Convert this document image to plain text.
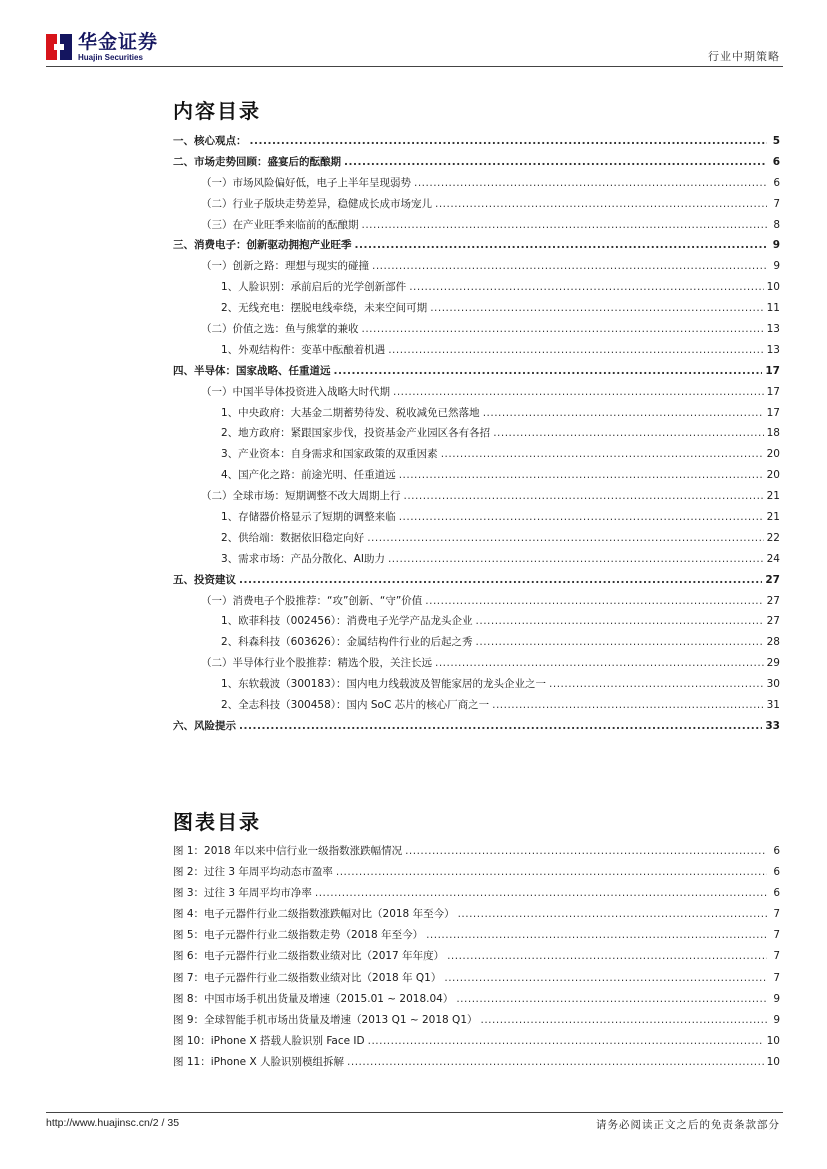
华金证券
Huajin Securities	行业中期策略
内容目录
一、核心观点： .....	5
二、市场走势回顾：盛宴后的酝酿期 .....	6
（一）市场风险偏好低，电子上半年呈现弱势 .....	6
（二）行业子版块走势差异，稳健成长成市场宠儿 .....	7
（三）在产业旺季来临前的酝酿期 .....	8
三、消费电子：创新驱动拥抱产业旺季 .....	9
（一）创新之路：理想与现实的碰撞 .....	9
1、人脸识别：承前启后的光学创新部件 .....	10
2、无线充电：摆脱电线牵绕，未来空间可期 .....	11
（二）价值之选：鱼与熊掌的兼收 .....	13
1、外观结构件：变革中酝酿着机遇 .....	13
四、半导体：国家战略、任重道远 .....	17
（一）中国半导体投资进入战略大时代期 .....	17
1、中央政府：大基金二期蓄势待发、税收减免已然落地 .....	17
2、地方政府：紧跟国家步伐，投资基金产业园区各有各招 .....	18
3、产业资本：自身需求和国家政策的双重因素 .....	20
4、国产化之路：前途光明、任重道远 .....	20
（二）全球市场：短期调整不改大周期上行 .....	21
1、存储器价格显示了短期的调整来临 .....	21
2、供给端：数据依旧稳定向好 .....	22
3、需求市场：产品分散化、AI助力 .....	24
五、投资建议 .....	27
（一）消费电子个股推荐：“攻”创新、“守”价值 .....	27
1、欧菲科技（002456）：消费电子光学产品龙头企业 .....	27
2、科森科技（603626）：金属结构件行业的后起之秀 .....	28
（二）半导体行业个股推荐：精选个股，关注长远 .....	29
1、东软载波（300183）：国内电力线载波及智能家居的龙头企业之一 .....	30
2、全志科技（300458）：国内 SoC 芯片的核心厂商之一 .....	31
六、风险提示 .....	33
图表目录
图 1：2018 年以来中信行业一级指数涨跌幅情况 .....	6
图 2：过往 3 年周平均动态市盈率 .....	6
图 3：过往 3 年周平均市净率 .....	6
图 4：电子元器件行业二级指数涨跌幅对比（2018 年至今） .....	7
图 5：电子元器件行业二级指数走势（2018 年至今） .....	7
图 6：电子元器件行业二级指数业绩对比（2017 年年度） .....	7
图 7：电子元器件行业二级指数业绩对比（2018 年 Q1） .....	7
图 8：中国市场手机出货量及增速（2015.01 ~ 2018.04） .....	9
图 9：全球智能手机市场出货量及增速（2013 Q1 ~ 2018 Q1） .....	9
图 10：iPhone X 搭载人脸识别 Face ID .....	10
图 11：iPhone X 人脸识别模组拆解 .....	10
http://www.huajinsc.cn/2 / 35	请务必阅读正文之后的免责条款部分
